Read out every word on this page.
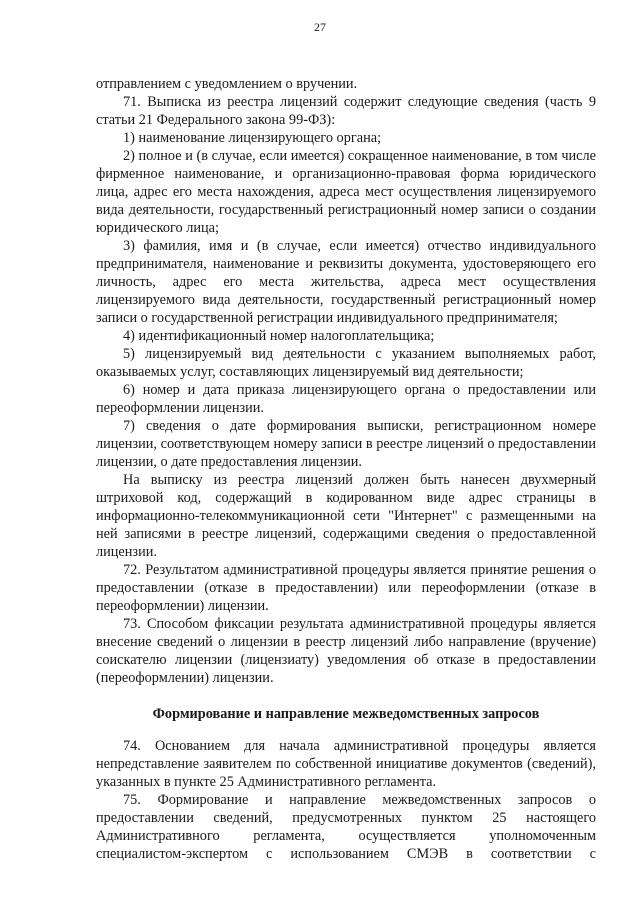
27

отправлением с уведомлением о вручении.

71. Выписка из реестра лицензий содержит следующие сведения (часть 9 статьи 21 Федерального закона 99-ФЗ):

1) наименование лицензирующего органа;

2) полное и (в случае, если имеется) сокращенное наименование, в том числе фирменное наименование, и организационно-правовая форма юридического лица, адрес его места нахождения, адреса мест осуществления лицензируемого вида деятельности, государственный регистрационный номер записи о создании юридического лица;

3) фамилия, имя и (в случае, если имеется) отчество индивидуального предпринимателя, наименование и реквизиты документа, удостоверяющего его личность, адрес его места жительства, адреса мест осуществления лицензируемого вида деятельности, государственный регистрационный номер записи о государственной регистрации индивидуального предпринимателя;

4) идентификационный номер налогоплательщика;

5) лицензируемый вид деятельности с указанием выполняемых работ, оказываемых услуг, составляющих лицензируемый вид деятельности;

6) номер и дата приказа лицензирующего органа о предоставлении или переоформлении лицензии.

7) сведения о дате формирования выписки, регистрационном номере лицензии, соответствующем номеру записи в реестре лицензий о предоставлении лицензии, о дате предоставления лицензии.

На выписку из реестра лицензий должен быть нанесен двухмерный штриховой код, содержащий в кодированном виде адрес страницы в информационно-телекоммуникационной сети "Интернет" с размещенными на ней записями в реестре лицензий, содержащими сведения о предоставленной лицензии.

72. Результатом административной процедуры является принятие решения о предоставлении (отказе в предоставлении) или переоформлении (отказе в переоформлении) лицензии.

73. Способом фиксации результата административной процедуры является внесение сведений о лицензии в реестр лицензий либо направление (вручение) соискателю лицензии (лицензиату) уведомления об отказе в предоставлении (переоформлении) лицензии.

Формирование и направление межведомственных запросов

74. Основанием для начала административной процедуры является непредставление заявителем по собственной инициативе документов (сведений), указанных в пункте 25 Административного регламента.

75. Формирование и направление межведомственных запросов о предоставлении сведений, предусмотренных пунктом 25 настоящего Административного регламента, осуществляется уполномоченным специалистом-экспертом с использованием СМЭВ в соответствии с
